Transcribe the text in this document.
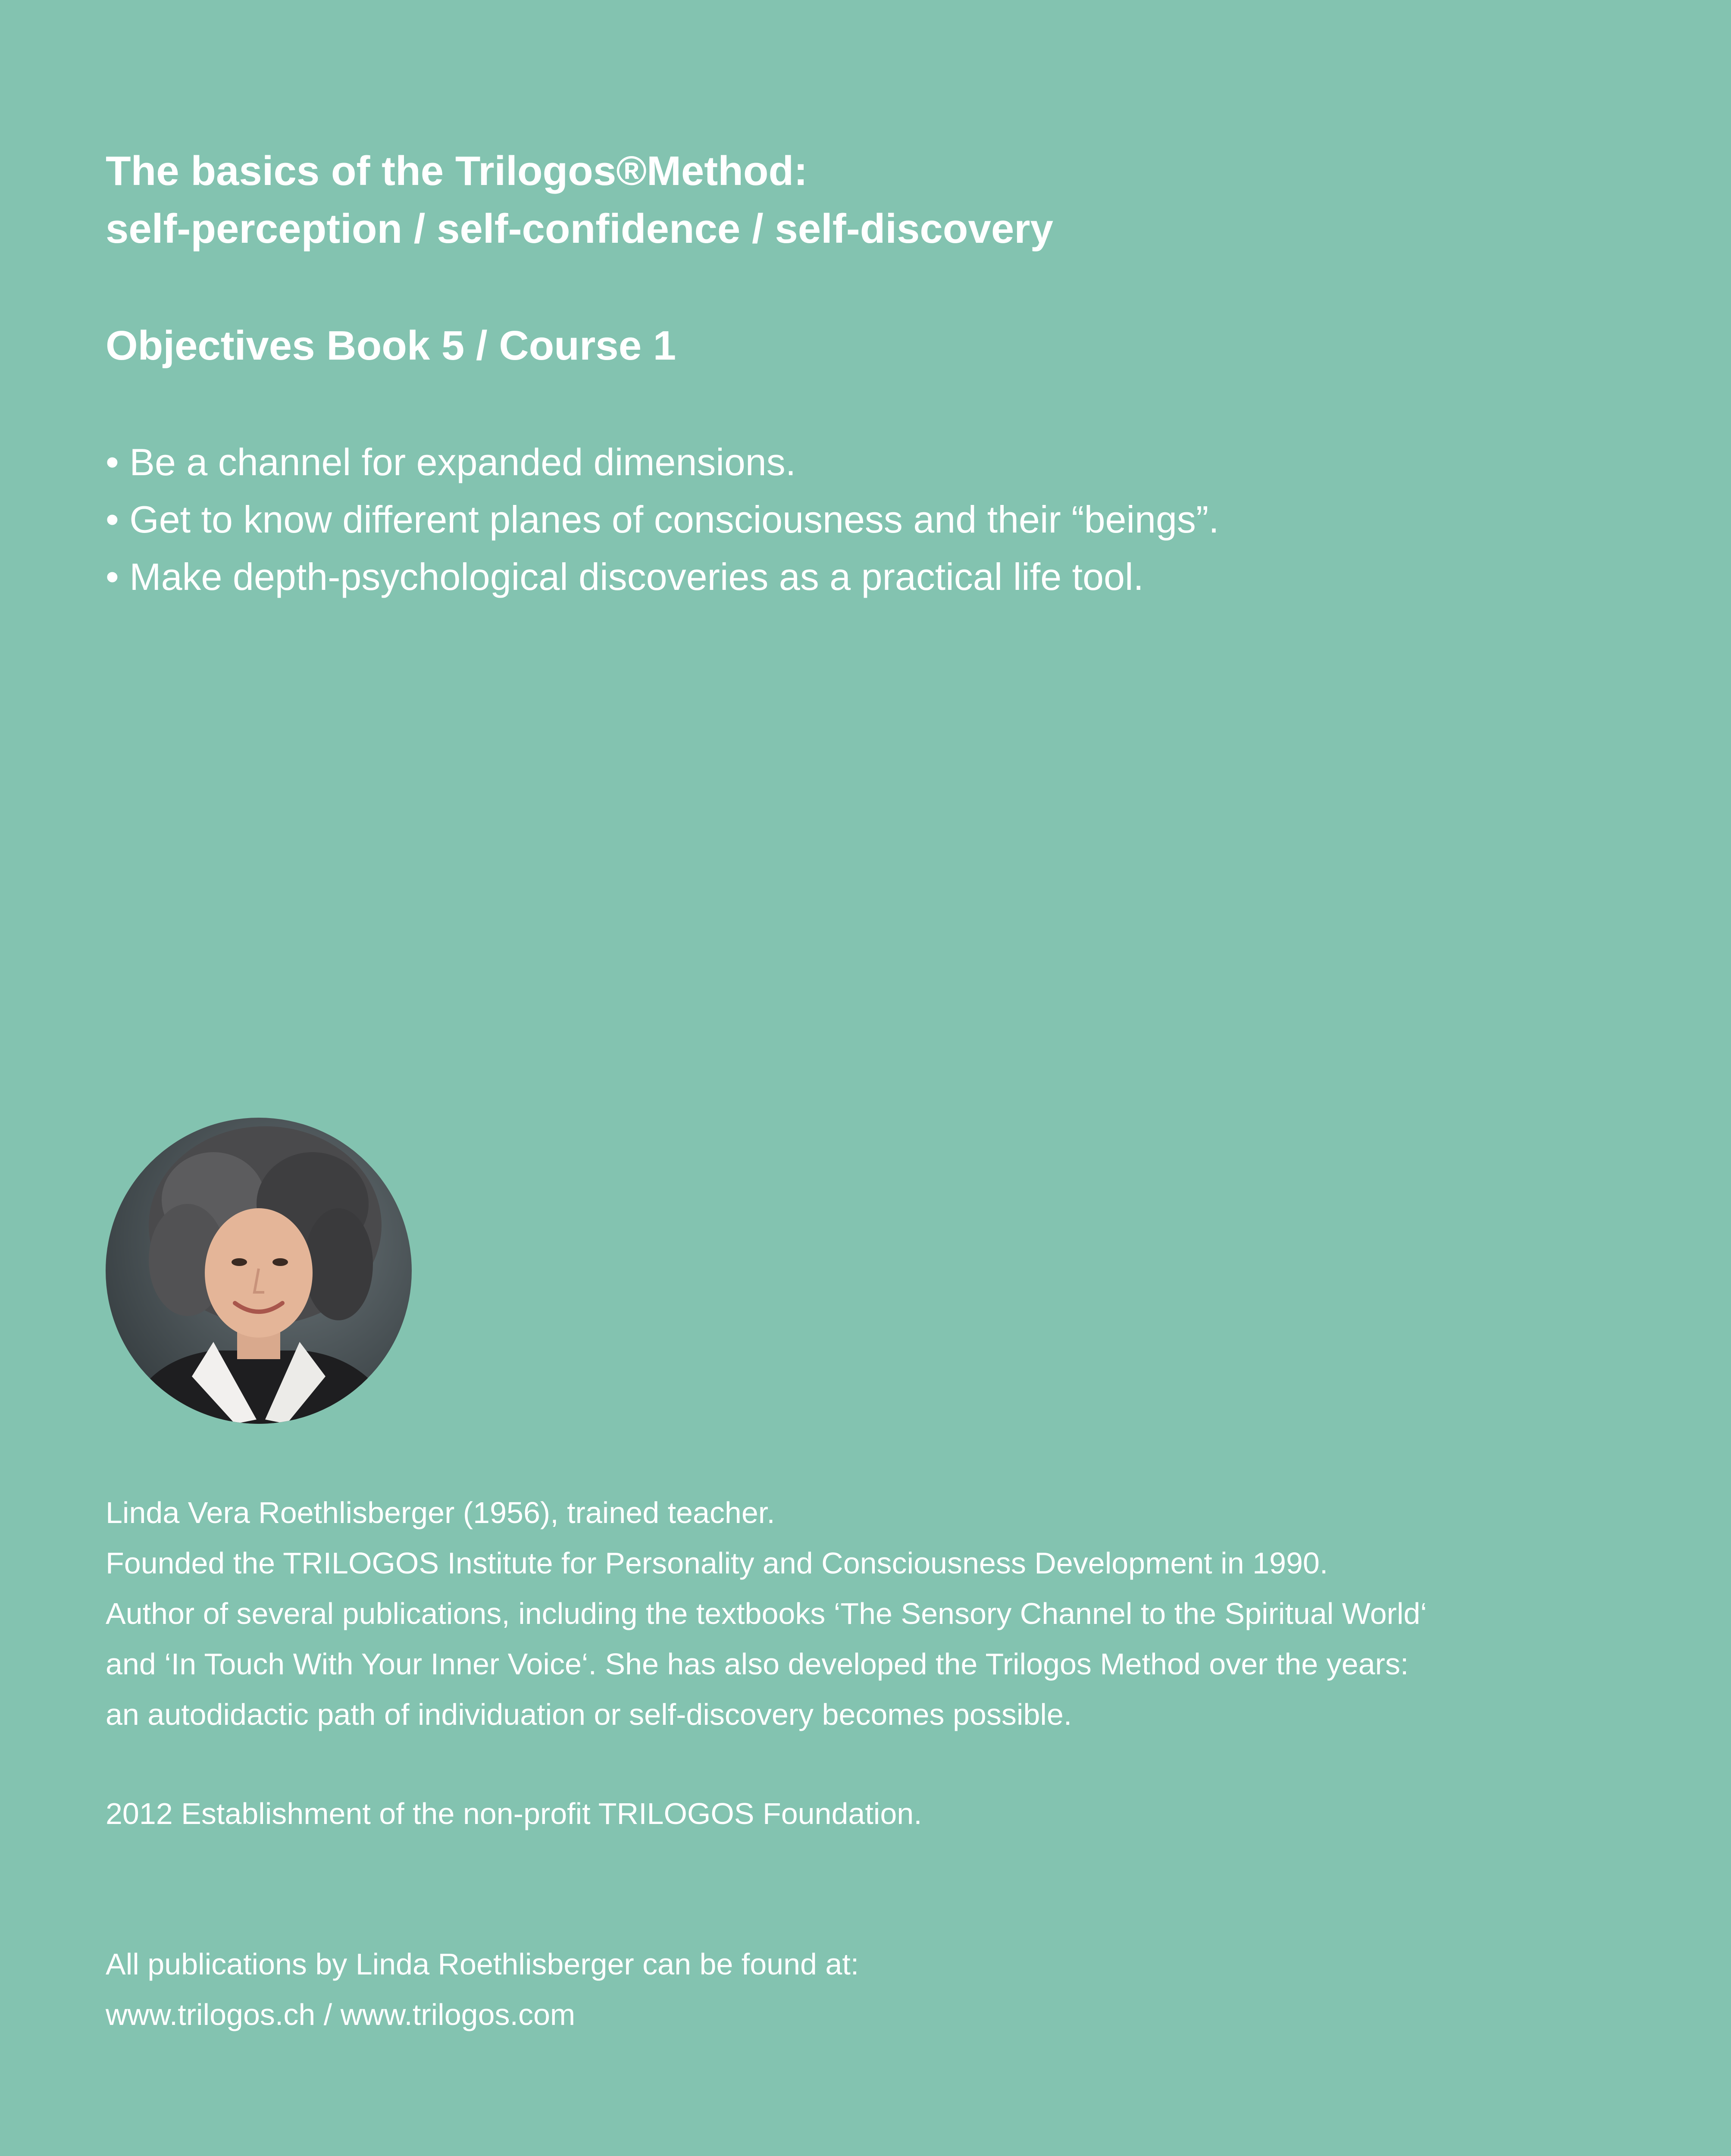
The basics of the Trilogos®Method:

self-perception / self-confidence / self-discovery

Objectives Book 5 / Course 1

• Be a channel for expanded dimensions.
• Get to know different planes of consciousness and their “beings”.
• Make depth-psychological discoveries as a practical life tool.

Linda Vera Roethlisberger (1956), trained teacher.

Founded the TRILOGOS Institute for Personality and Consciousness Development in 1990.

Author of several publications, including the textbooks ‘The Sensory Channel to the Spiritual World‘

and ‘In Touch With Your Inner Voice‘. She has also developed the Trilogos Method over the years:

an autodidactic path of individuation or self-discovery becomes possible.

2012 Establishment of the non-profit TRILOGOS Foundation.

All publications by Linda Roethlisberger can be found at:

www.trilogos.ch / www.trilogos.com
